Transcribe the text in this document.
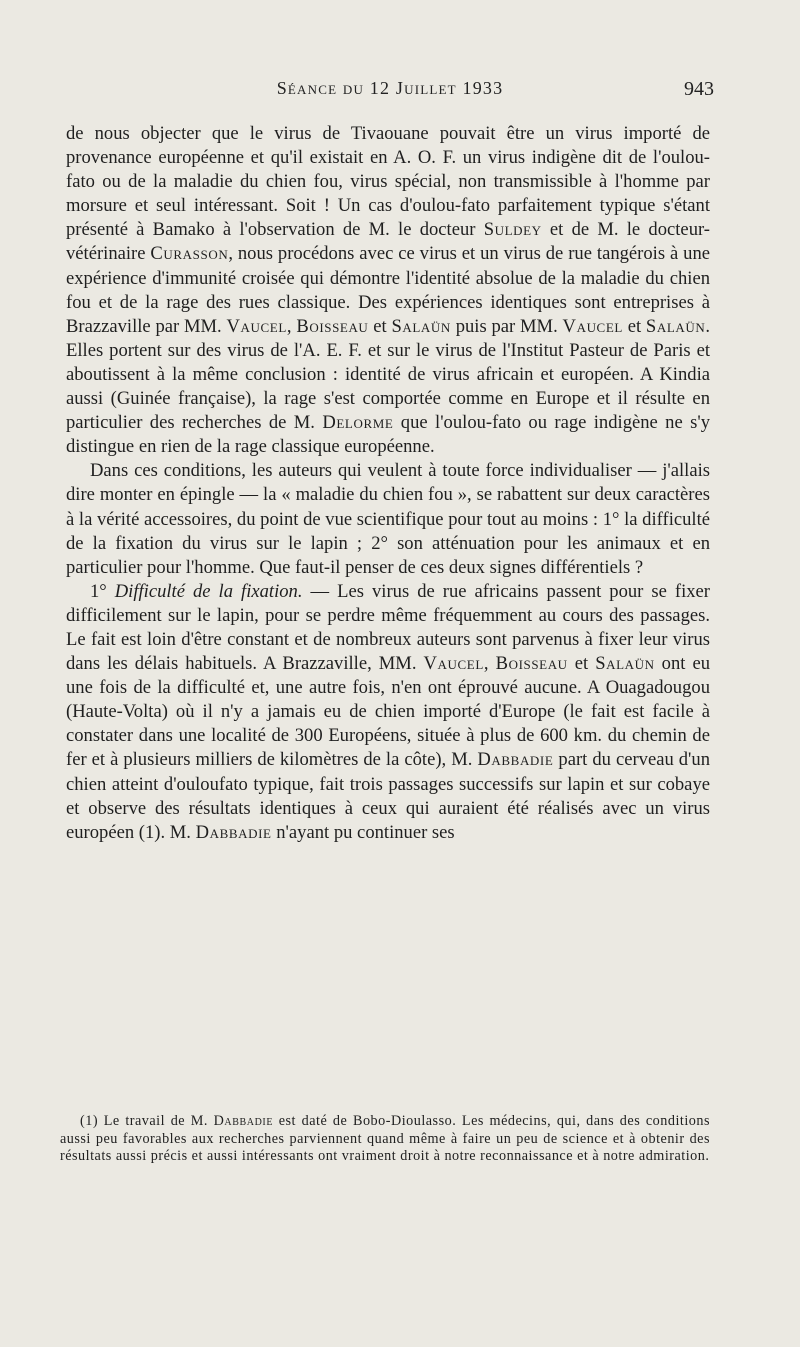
Séance du 12 Juillet 1933	943

de nous objecter que le virus de Tivaouane pouvait être un virus importé de provenance européenne et qu'il existait en A. O. F. un virus indigène dit de l'oulou-fato ou de la maladie du chien fou, virus spécial, non transmissible à l'homme par morsure et seul intéressant. Soit ! Un cas d'oulou-fato parfaitement typique s'étant présenté à Bamako à l'observation de M. le docteur Suldey et de M. le docteur-vétérinaire Curasson, nous procédons avec ce virus et un virus de rue tangérois à une expérience d'immunité croisée qui démontre l'identité absolue de la maladie du chien fou et de la rage des rues classique. Des expériences identiques sont entreprises à Brazzaville par MM. Vaucel, Boisseau et Salaün puis par MM. Vaucel et Salaün. Elles portent sur des virus de l'A. E. F. et sur le virus de l'Institut Pasteur de Paris et aboutissent à la même conclusion : identité de virus africain et européen. A Kindia aussi (Guinée française), la rage s'est comportée comme en Europe et il résulte en particulier des recherches de M. Delorme que l'oulou-fato ou rage indigène ne s'y distingue en rien de la rage classique européenne.

Dans ces conditions, les auteurs qui veulent à toute force individualiser — j'allais dire monter en épingle — la « maladie du chien fou », se rabattent sur deux caractères à la vérité accessoires, du point de vue scientifique pour tout au moins : 1° la difficulté de la fixation du virus sur le lapin ; 2° son atténuation pour les animaux et en particulier pour l'homme. Que faut-il penser de ces deux signes différentiels ?

1° Difficulté de la fixation. — Les virus de rue africains passent pour se fixer difficilement sur le lapin, pour se perdre même fréquemment au cours des passages. Le fait est loin d'être constant et de nombreux auteurs sont parvenus à fixer leur virus dans les délais habituels. A Brazzaville, MM. Vaucel, Boisseau et Salaün ont eu une fois de la difficulté et, une autre fois, n'en ont éprouvé aucune. A Ouagadougou (Haute-Volta) où il n'y a jamais eu de chien importé d'Europe (le fait est facile à constater dans une localité de 300 Européens, située à plus de 600 km. du chemin de fer et à plusieurs milliers de kilomètres de la côte), M. Dabbadie part du cerveau d'un chien atteint d'ouloufato typique, fait trois passages successifs sur lapin et sur cobaye et observe des résultats identiques à ceux qui auraient été réalisés avec un virus européen (1). M. Dabbadie n'ayant pu continuer ses

(1) Le travail de M. Dabbadie est daté de Bobo-Dioulasso. Les médecins, qui, dans des conditions aussi peu favorables aux recherches parviennent quand même à faire un peu de science et à obtenir des résultats aussi précis et aussi intéressants ont vraiment droit à notre reconnaissance et à notre admiration.
